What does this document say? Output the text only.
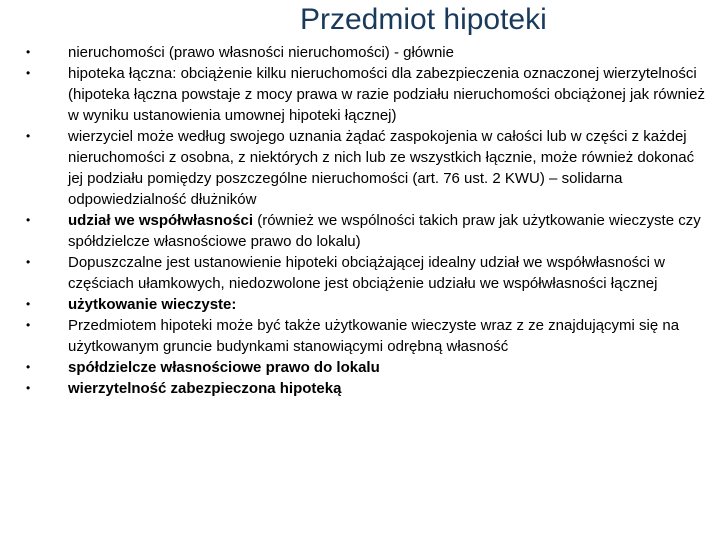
Przedmiot hipoteki
•	nieruchomości (prawo własności nieruchomości) - głównie
•	hipoteka łączna: obciążenie kilku nieruchomości dla zabezpieczenia oznaczonej wierzytelności (hipoteka łączna powstaje z mocy prawa w razie podziału nieruchomości obciążonej jak również w wyniku ustanowienia umownej hipoteki łącznej)
•	wierzyciel może według swojego uznania żądać zaspokojenia w całości lub w części z każdej nieruchomości z osobna, z niektórych z nich lub ze wszystkich łącznie, może również dokonać jej podziału pomiędzy poszczególne nieruchomości (art. 76 ust. 2 KWU) – solidarna odpowiedzialność dłużników
•	udział we współwłasności (również we wspólności takich praw jak użytkowanie wieczyste czy spółdzielcze własnościowe prawo do lokalu)
•	Dopuszczalne jest ustanowienie hipoteki obciążającej idealny udział we współwłasności w częściach ułamkowych, niedozwolone jest obciążenie udziału we współwłasności łącznej
•	użytkowanie wieczyste:
•	Przedmiotem hipoteki może być także użytkowanie wieczyste wraz z ze znajdującymi się na użytkowanym gruncie budynkami stanowiącymi odrębną własność
•	spółdzielcze własnościowe prawo do lokalu
•	wierzytelność zabezpieczona hipoteką
